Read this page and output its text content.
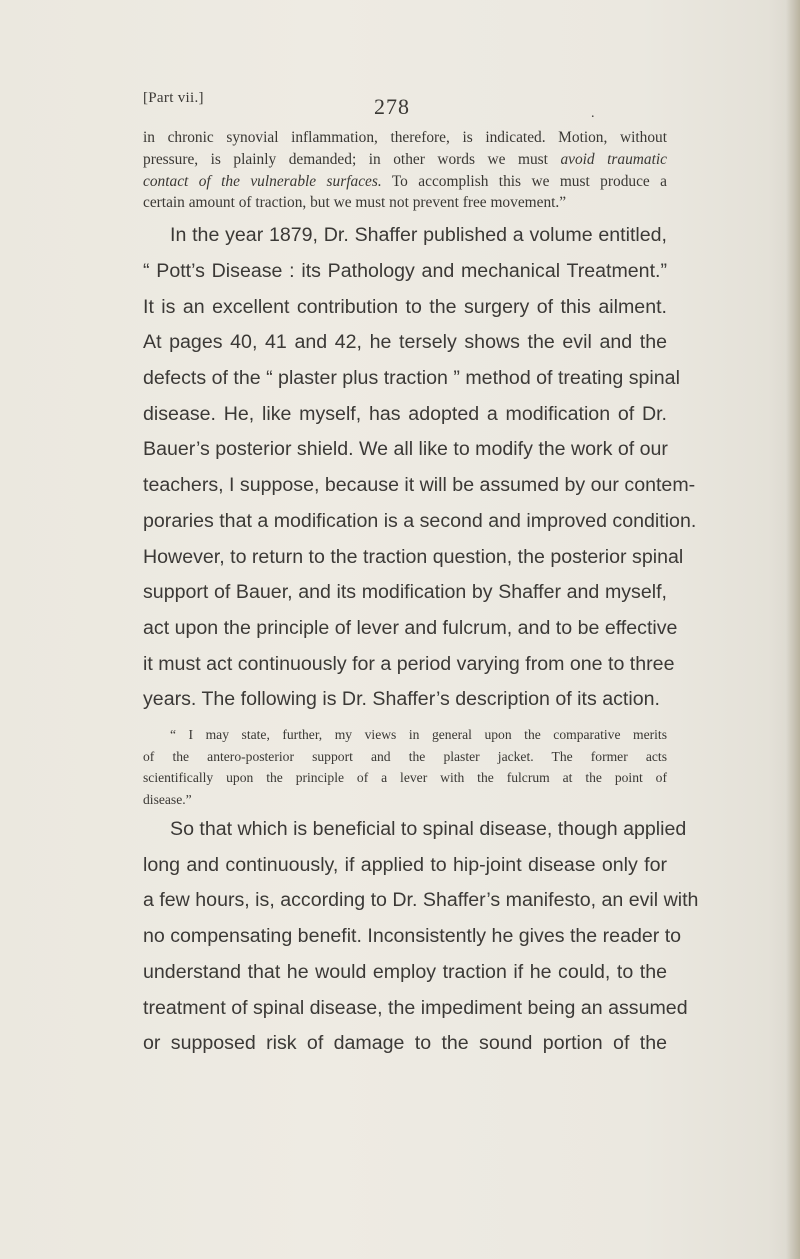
[Part vii.]	278	.

in chronic synovial inflammation, therefore, is indicated. Motion, without
pressure, is plainly demanded; in other words we must avoid traumatic
contact of the vulnerable surfaces. To accomplish this we must produce a
certain amount of traction, but we must not prevent free movement.”

In the year 1879, Dr. Shaffer published a volume entitled,
“ Pott’s Disease : its Pathology and mechanical Treatment.”
It is an excellent contribution to the surgery of this ailment.
At pages 40, 41 and 42, he tersely shows the evil and the
defects of the “ plaster plus traction ” method of treating spinal
disease. He, like myself, has adopted a modification of Dr.
Bauer’s posterior shield. We all like to modify the work of our
teachers, I suppose, because it will be assumed by our contem-
poraries that a modification is a second and improved condition.
However, to return to the traction question, the posterior spinal
support of Bauer, and its modification by Shaffer and myself,
act upon the principle of lever and fulcrum, and to be effective
it must act continuously for a period varying from one to three
years. The following is Dr. Shaffer’s description of its action.

“ I may state, further, my views in general upon the comparative merits
of the antero-posterior support and the plaster jacket. The former acts
scientifically upon the principle of a lever with the fulcrum at the point of
disease.”

So that which is beneficial to spinal disease, though applied
long and continuously, if applied to hip-joint disease only for
a few hours, is, according to Dr. Shaffer’s manifesto, an evil with
no compensating benefit. Inconsistently he gives the reader to
understand that he would employ traction if he could, to the
treatment of spinal disease, the impediment being an assumed
or supposed risk of damage to the sound portion of the
